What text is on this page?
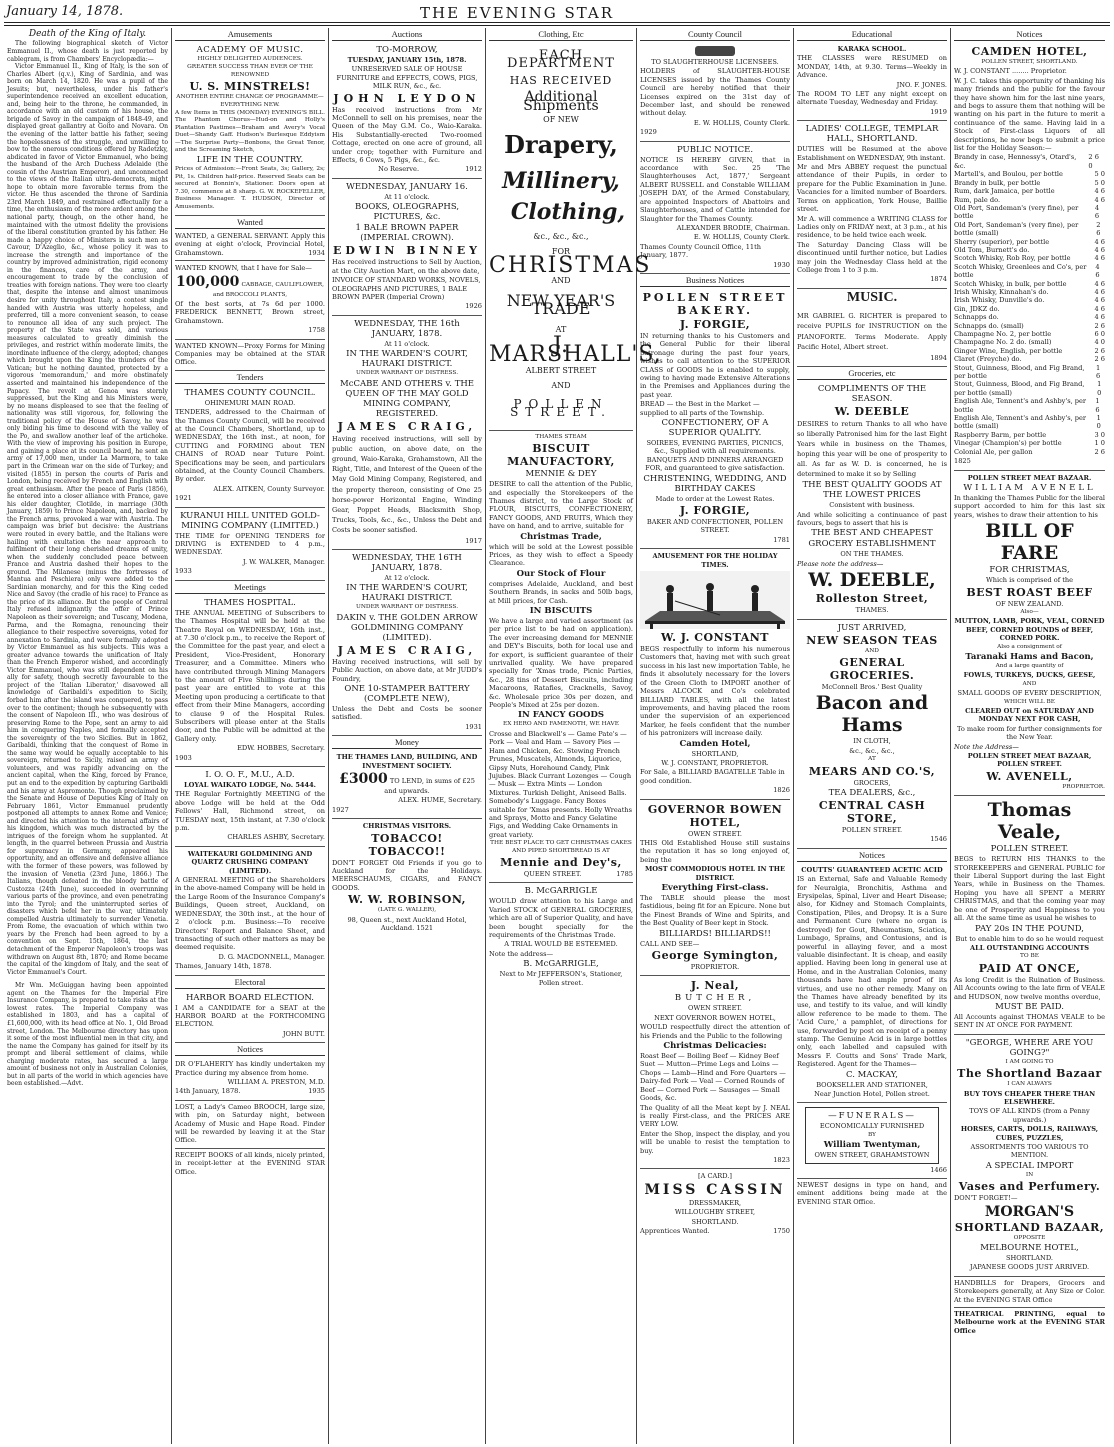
January 14, 1878.	THE EVENING STAR
Death of the King of Italy.

The following biographical sketch of Victor Emmanuel II., whose death is just reported by cablegram, is from Chambers' Encyclopædia:—

Victor Emmanuel II., King of Italy, is the son of Charles Albert (q.v.), King of Sardinia, and was born on March 14, 1820. He was a pupil of the Jesuits; but, nevertheless, under his father's superintendence received an excellent education, and, being heir to the throne, he commanded, in accordance with an old custom of his house, the brigade of Savoy in the campaign of 1848-49, and displayed great gallantry at Goito and Novara. On the evening of the latter battle his father, seeing the hopelessness of the struggle, and unwilling to bow to the onerous conditions offered by Radetzky, abdicated in favor of Victor Emmanuel, who being the husband of the Arch Duchess Adelaide (the cousin of the Austrian Emperor), and unconnected to the views of the Italian ultra-democrats, might hope to obtain more favorable terms from the victor. He thus ascended the throne of Sardinia 23rd March 1849, and restrained effectually for a time, the enthusiasm of the more ardent among the national party, though, on the other hand, he maintained with the utmost fidelity the provisions of the liberal constitution granted by his father. He made a happy choice of Ministers in such men as Cavour, D'Azeglio, &c., whose policy it was to increase the strength and importance of the country by improved administration, rigid economy in the finances, care of the army, and encouragement to trade by the conclusion of treaties with foreign nations. They were too clearly that, despite the intense and almost unanimous desire for unity throughout Italy, a contest single handed with Austria was utterly hopeless, and preferred, till a more convenient season, to cease to renounce all idea of any such project. The property of the State was sold, and various measures calculated to greatly diminish the privileges, and restrict within moderate limits, the inordinate influence of the clergy, adopted; changes which brought upon the King the thunders of the Vatican; but he nothing daunted, protected by a vigorous 'memorandum,' and more obstinately asserted and maintained his independence of the Papacy. The revolt at Genoa was sternly suppressed, but the King and his Ministers were, by no means displeased to see that the feeling of nationality was still vigorous, for, following the traditional policy of the House of Savoy, he was only biding his time to descend with the valley of the Po, and swallow another leaf of the artichoke. With the view of improving his position in Europe, and gaining a place at its council board, he sent an army of 17,000 men, under La Marmora, to take part in the Crimean war on the side of Turkey; and visited (1855) in person the courts of Paris and London, being received by French and English with great enthusiasm. After the peace of Paris (1856), he entered into a closer alliance with France, gave his elder daughter, Clotilde, in marriage (30th January, 1859) to Prince Napoleon, and, backed by the French arms, provoked a war with Austria. The campaign was brief but decisive: the Austrians were routed in every battle, and the Italians were hailing with exultation the near approach to fulfilment of their long cherished dreams of unity, when the suddenly concluded peace between France and Austria dashed their hopes to the ground. The Milanese (minus the fortresses of Mantua and Peschiera) only were added to the Sardinian monarchy, and for this the King ceded Nice and Savoy (the cradle of his race) to France as the price of its alliance. But the people of Central Italy refused indignantly the offer of Prince Napoleon as their sovereign; and Tuscany, Modena, Parma, and the Romagna, renouncing their allegiance to their respective sovereigns, voted for annexation to Sardinia, and were formally adopted by Victor Emmanuel as his subjects. This was a greater advance towards the unification of Italy than the French Emperor wished, and accordingly Victor Emmanuel, who was still dependent on his ally for safety, though secretly favourable to the project of the 'Italian Liberator,' disavowed all knowledge of Garibaldi's expedition to Sicily, forbad him after the island was conquered, to pass over to the continent; though he subsequently with the consent of Napoleon III., who was desirous of preserving Rome to the Pope, sent an army to aid him in conquering Naples, and formally accepted the sovereignty of the two Sicilies. But in 1862, Garibaldi, thinking that the conquest of Rome in the same way would be equally acceptable to his sovereign, returned to Sicily, raised an army of volunteers, and was rapidly advancing on the ancient capital, when the King, forced by France, put an end to the expedition by capturing Garibaldi and his army at Aspromonte. Though proclaimed by the Senate and House of Deputies King of Italy on February 1861, Victor Emmanuel prudently postponed all attempts to annex Rome and Venice; and directed his attention to the internal affairs of his kingdom, which was much distracted by the intrigues of the foreign whom he supplanted. At length, in the quarrel between Prussia and Austria for supremacy in Germany, appeared his opportunity, and an offensive and defensive alliance with the former of these powers, was followed by the invasion of Venetia (23rd June, 1866.) The Italians, though defeated in the bloody battle of Custozza (24th June), succeeded in overrunning various parts of the province, and even penetrating into the Tyrol; and the uninterrupted series of disasters which befel her in the war, ultimately compelled Austria ultimately to surrender Venetia. From Rome, the evacuation of which within two years by the French had been agreed to by a convention on Sept. 15th, 1864, the last detachment of the Emperor Napoleon's troops was withdrawn on August 8th, 1870; and Rome became the capital of the kingdom of Italy, and the seat of Victor Emmanuel's Court.

Mr Wm. McGuiggan having been appointed agent on the Thames for the Imperial Fire Insurance Company, is prepared to take risks at the lowest rates. The Imperial Company was established in 1803, and has a capital of £1,600,000, with its head office at No. 1, Old Broad street, London. The Melbourne directory has upon it some of the most influential men in that city, and the name the Company has gained for itself by its prompt and liberal settlement of claims, while charging moderate rates, has secured a large amount of business not only in Australian Colonies, but in all parts of the world in which agencies have been established.—Advt.

Amusements

ACADEMY OF MUSIC.

HIGHLY DELIGHTED AUDIENCES.

GREATER SUCCESS THAN EVER OF THE RENOWNED

U. S. MINSTRELS!

ANOTHER ENTIRE CHANGE OF PROGRAMME—EVERYTHING NEW.

A few Items in THIS (MONDAY) EVENING'S BILL. The Phantom Chorus—Hud-on and Holly's Plantation Pastimes—Braham and Avery's Vocal Duet—Shandy Gaff. Hudson's Burlesque Eddyism—The Surprise Party—Bonbons, the Great Tenor, and the Screaming Sketch,

LIFE IN THE COUNTRY.

Prices of Admission:—Front Seats, 3s; Gallery, 2s; Pit, 1s. Children half-price. Reserved Seats can be secured at Bonnin's, Stationer. Doors open at 7.30, commence at 8 sharp. G. W. ROCKEFELLER, Business Manager. T. HUDSON, Director of Amusements.

Wanted
WANTED, a GENERAL SERVANT. Apply this evening at eight o'clock, Provincial Hotel, Grahamstown.	1934

WANTED KNOWN, that I have for Sale—

100,000 CABBAGE, CAULIFLOWER, and BROCCOLI PLANTS,

Of the best sorts, at 7s 6d per 1000. FREDERICK BENNETT, Brown street, Grahamstown.

1758

WANTED KNOWN—Proxy Forms for Mining Companies may be obtained at the STAR Office.
Tenders

THAMES COUNTY COUNCIL.

OHINEMURI MAIN ROAD.

TENDERS, addressed to the Chairman of the Thames County Council, will be received at the Council Chambers, Shortland, up to WEDNESDAY, the 16th inst., at noon, for CUTTING and FORMING about TEN CHAINS of ROAD near Tuture Point. Specifications may be seen, and particulars obtained, at the County Council Chambers. By order.

ALEX. AITKEN, County Surveyor.

1921

KURANUI HILL UNITED GOLD-MINING COMPANY (LIMITED.)

THE TIME for OPENING TENDERS for DRIVING is EXTENDED to 4 p.m., WEDNESDAY.

J. W. WALKER, Manager.

1933

Meetings

THAMES HOSPITAL.

THE ANNUAL MEETING of Subscribers to the Thames Hospital will be held at the Theatre Royal on WEDNESDAY, 16th inst., at 7.30 o'clock p.m., to receive the Report of the Committee for the past year, and elect a President, Vice-President, Honorary Treasurer, and a Committee. Miners who have contributed through Mining Managers to the amount of Five Shillings during the past year are entitled to vote at this Meeting upon producing a certificate to that effect from their Mine Managers, according to clause 9 of the Hospital Rules. Subscribers will please enter at the Stalls door, and the Public will be admitted at the Gallery only.

EDW. HOBBES, Secretary.

1903

I. O. O. F., M.U., A.D.

LOYAL WAIKATO LODGE, No. 5444.

THE Regular Fortnightly MEETING of the above Lodge will be held at the Odd Fellows' Hall, Richmond street, on TUESDAY next, 15th instant, at 7.30 o'clock p.m.

CHARLES ASHBY, Secretary.

WAITEKAURI GOLDMINING AND QUARTZ CRUSHING COMPANY (LIMITED).

A GENERAL MEETING of the Shareholders in the above-named Company will be held in the Large Room of the Insurance Company's Buildings, Queen street, Auckland, on WEDNESDAY, the 30th inst., at the hour of 2 o'clock p.m. Business:—To receive Directors' Report and Balance Sheet, and transacting of such other matters as may be deemed requisite.

D. G. MACDONNELL, Manager.

Thames, January 14th, 1878.

Electoral

HARBOR BOARD ELECTION.

I AM a CANDIDATE for a SEAT at the HARBOR BOARD at the FORTHCOMING ELECTION.

JOHN BUTT.

Notices

DR O'FLAHERTY has kindly undertaken my Practice during my absence from home.

WILLIAM A. PRESTON, M.D.

14th January, 1878.	1935

LOST, a Lady's Cameo BROOCH, large size, with pin, on Saturday night, between Academy of Music and Hape Road. Finder will be rewarded by leaving it at the Star Office.
RECEIPT BOOKS of all kinds, nicely printed, in receipt-letter at the EVENING STAR Office.
Auctions

TO-MORROW,

TUESDAY, JANUARY 15th, 1878.

UNRESERVED SALE OF HOUSE FURNITURE and EFFECTS, COWS, PIGS, MILK RUN, &c., &c.

JOHN LEYDON

Has received instructions from Mr McConnell to sell on his premises, near the Queen of the May G.M. Co., Waio-Karaka. His Substantially-erected Two-roomed Cottage, erected on one acre of ground, all under crop; together with Furniture and Effects, 6 Cows, 5 Pigs, &c., &c.

No Reserve.	1912

WEDNESDAY, JANUARY 16.

At 11 o'clock.

BOOKS, OLEOGRAPHS, PICTURES, &c.

1 BALE BROWN PAPER (IMPERIAL CROWN).

EDWIN BINNEY

Has received instructions to Sell by Auction, at the City Auction Mart, on the above date,

INVOICE OF STANDARD WORKS, NOVELS, OLEOGRAPHS AND PICTURES, 1 BALE BROWN PAPER (Imperial Crown)

1926

WEDNESDAY, THE 16th JANUARY, 1878.

At 11 o'clock.

IN THE WARDEN'S COURT, HAURAKI DISTRICT.

UNDER WARRANT OF DISTRESS.

McCABE AND OTHERS v. THE QUEEN OF THE MAY GOLD MINING COMPANY, REGISTERED.

JAMES CRAIG,

Having received instructions, will sell by public auction, on above date, on the ground, Waio-Karaka, Grahamstown, All the Right, Title, and Interest of the Queen of the May Gold Mining Company, Registered, and the property thereon, consisting of One 25 horse-power Horizontal Engine, Winding Gear, Poppet Heads, Blacksmith Shop, Trucks, Tools, &c., &c., Unless the Debt and Costs be sooner satisfied.

1917

WEDNESDAY, THE 16TH JANUARY, 1878.

At 12 o'clock.

IN THE WARDEN'S COURT, HAURAKI DISTRICT.

UNDER WARRANT OF DISTRESS.

DAKIN v. THE GOLDEN ARROW GOLDMINING COMPANY (LIMITED).

JAMES CRAIG,

Having received instructions, will sell by Public Auction, on above date, at Mr JUDD's Foundry,

ONE 10-STAMPER BATTERY (COMPLETE NEW),

Unless the Debt and Costs be sooner satisfied.

1931

Money

THE THAMES LAND, BUILDING, AND INVESTMENT SOCIETY.

£3000 TO LEND, in sums of £25 and upwards.

ALEX. HUME, Secretary.

1927

CHRISTMAS VISITORS.

TOBACCO! TOBACCO!!

DON'T FORGET Old Friends if you go to Auckland for the Holidays. MEERSCHAUMS, CIGARS, and FANCY GOODS.

W. W. ROBINSON,

(LATE G. WALLER),

98, Queen st., next Auckland Hotel, Auckland. 1521

Clothing, Etc

EACH DEPARTMENT

HAS RECEIVED

Additional Shipments

OF NEW

Drapery,

Millinery,

Clothing,

&c., &c., &c.,

FOR

CHRISTMAS

AND

NEW YEAR'S TRADE

AT

J. MARSHALL'S,

ALBERT STREET

AND

POLLEN STREET.

THAMES STEAM

BISCUIT MANUFACTORY,

MENNIE & DEY

DESIRE to call the attention of the Public, and especially the Storekeepers of the Thames district, to the Large Stock of FLOUR, BISCUITS, CONFECTIONERY, FANCY GOODS, AND FRUITS, Which they have on hand, and to arrive, suitable for

Christmas Trade,

which will be sold at the Lowest possible Prices, as they wish to effect a Speedy Clearance.

Our Stock of Flour

comprises Adelaide, Auckland, and best Southern Brands, in sacks and 50lb bags, at Mill prices, for Cash.

IN BISCUITS

We have a large and varied assortment (as per price list to be had on application). The ever increasing demand for MENNIE and DEY's Biscuits, both for local use and for export, is sufficient guarantee of their unrivalled quality. We have prepared specially for 'Xmas trade, Picnic Parties, &c., 28 tins of Dessert Biscuits, including Macaroons, Ratafies, Cracknells, Savoy, &c. Wholesale price 30s per dozen, and People's Mixed at 25s per dozen.

IN FANCY GOODS

EX HERO AND FAMENOTH, WE HAVE

Crosse and Blackwell's — Game Pate's — Pork — Veal and Ham — Savory Pies — Ham and Chicken, &c. Stewing French Prunes, Muscatels, Almonds, Liquorice, Gipsy Nuts, Horehound Candy, Pink Jujubes. Black Currant Lozenges — Cough — Musk — Extra Mints — London Mixtures. Turkish Delight, Aniseed Balls. Somebody's Luggage. Fancy Boxes suitable for 'Xmas presents. Holly Wreaths and Sprays, Motto and Fancy Gelatine Figs, and Wedding Cake Ornaments in great variety.

THE BEST PLACE TO GET CHRISTMAS CAKES AND PIPED SHORTBREAD IS AT

Mennie and Dey's,

QUEEN STREET.	1785

B. McGARRIGLE

WOULD draw attention to his Large and Varied STOCK of GENERAL GROCERIES, which are all of Superior Quality, and have been bought specially for the requirements of the Christmas Trade.

A TRIAL WOULD BE ESTEEMED.

Note the address—

B. McGARRIGLE,

Next to Mr JEFFERSON's, Stationer, Pollen street.

County Council

TO SLAUGHTERHOUSE LICENSEES.

HOLDERS of SLAUGHTER-HOUSE LICENSES issued by the Thames County Council are hereby notified that their Licenses expired on the 31st day of December last, and should be renewed without delay.

E. W. HOLLIS, County Clerk.

1929

PUBLIC NOTICE.

NOTICE IS HEREBY GIVEN, that in accordance with Sec. 25 'The Slaughterhouses Act, 1877,' Sergeant ALBERT RUSSELL and Constable WILLIAM JOSEPH DAY, of the Armed Constabulary, are appointed Inspectors of Abattoirs and Slaughterhouses, and of Cattle intended for Slaughter for the Thames County.

ALEXANDER BRODIE, Chairman.

E. W. HOLLIS, County Clerk.

Thames County Council Office, 11th January, 1877.

1930

Business Notices

POLLEN STREET BAKERY.

J. FORGIE,

IN returning thanks to his Customers and the General Public for their liberal patronage during the past four years, wishes to call attention to the SUPERIOR CLASS of GOODS he is enabled to supply, owing to having made Extensive Alterations in the Premises and Appliances during the past year.

BREAD — the Best in the Market — supplied to all parts of the Township.

CONFECTIONERY, OF A SUPERIOR QUALITY.

SOIREES, EVENING PARTIES, PICNICS, &c., Supplied with all requirements. BANQUETS AND DINNERS ARRANGED FOR, and guaranteed to give satisfaction.

CHRISTENING, WEDDING, AND BIRTHDAY CAKES

Made to order at the Lowest Rates.

J. FORGIE,

BAKER AND CONFECTIONER, POLLEN STREET.

1781

AMUSEMENT FOR THE HOLIDAY TIMES.

W. J. CONSTANT

BEGS respectfully to inform his numerous Customers that, having met with such great success in his last new importation Table, he finds it absolutely necessary for the lovers of the Green Cloth to IMPORT another of Messrs ALCOCK and Co's celebrated BILLIARD TABLES, with all the latest improvements, and having placed the room under the supervision of an experienced Marker, he feels confident that the number of his patronizers will increase daily.

Camden Hotel,

SHORTLAND,

W. J. CONSTANT, PROPRIETOR.

For Sale, a BILLIARD BAGATELLE Table in good condition.

1826

GOVERNOR BOWEN HOTEL,

OWEN STREET.

THIS Old Established House still sustains the reputation it has so long enjoyed of, being the

MOST COMMODIOUS HOTEL IN THE DISTRICT.

Everything First-class.

The TABLE should please the most fastidious, being fit for an Epicure. None but the Finest Brands of Wine and Spirits, and the Best Quality of Beer kept in Stock.

BILLIARDS! BILLIARDS!!

CALL AND SEE—

George Symington,

PROPRIETOR.

J. Neal,

BUTCHER,

OWEN STREET.

NEXT GOVERNOR BOWEN HOTEL,

WOULD respectfully direct the attention of his Friends and the Public to the following

Christmas Delicacies:

Roast Beef — Boiling Beef — Kidney Beef Suet — Mutton—Prime Legs and Loins — Chops — Lamb—Hind and Fore Quarters — Dairy-fed Pork — Veal — Corned Rounds of Beef — Corned Pork — Sausages — Small Goods, &c.

The Quality of all the Meat kept by J. NEAL is really First-class, and the PRICES ARE VERY LOW.

Enter the Shop, inspect the display, and you will be unable to resist the temptation to buy.

1823

[A CARD.]

MISS CASSIN

DRESSMAKER,

WILLOUGHBY STREET,

SHORTLAND.

Apprentices Wanted.	1750

Educational

KARAKA SCHOOL.

THE CLASSES were RESUMED on MONDAY, 14th, at 9.30. Terms—Weekly in Advance.

JNO. F. JONES.

The ROOM TO LET any night except on alternate Tuesday, Wednesday and Friday.

1919

LADIES' COLLEGE, TEMPLAR HALL, SHORTLAND.

DUTIES will be Resumed at the above Establishment on WEDNESDAY, 9th instant.

Mr and Mrs ABBEY request the punctual attendance of their Pupils, in order to prepare for the Public Examination in June. Vacancies for a limited number of Boarders. Terms on application, York House, Baillie street.

Mr A. will commence a WRITING CLASS for Ladies only on FRIDAY next, at 3 p.m., at his residence, to be held twice each week.

The Saturday Dancing Class will be discontinued until further notice, but Ladies may join the Wednesday Class held at the College from 1 to 3 p.m.

1874

MUSIC.

MR GABRIEL G. RICHTER is prepared to receive PUPILS for INSTRUCTION on the PIANOFORTE. Terms Moderate. Apply Pacific Hotel, Albert street.

1894

Groceries, etc

COMPLIMENTS OF THE SEASON.

W. DEEBLE

DESIRES to return Thanks to all who have so liberally Patronised him for the last Eight Years while in business on the Thames, hoping this year will be one of prosperity to all. As far as W. D. is concerned, he is determined to make it so by Selling

THE BEST QUALITY GOODS AT THE LOWEST PRICES

Consistent with business.

And while soliciting a continuance of past favours, begs to assert that his is

THE BEST AND CHEAPEST

GROCERY ESTABLISHMENT

ON THE THAMES.

Please note the address—

W. DEEBLE,

Rolleston Street,

THAMES.

JUST ARRIVED,

NEW SEASON TEAS

AND

GENERAL GROCERIES.

McConnell Bros.' Best Quality

Bacon and Hams

IN CLOTH,

&c., &c., &c.,

AT

MEARS AND CO.'S,

GROCERS,

TEA DEALERS, &c.,

CENTRAL CASH STORE,

POLLEN STREET.

1546

Notices

COUTTS' GUARANTEED ACETIC ACID

IS an External, Safe and Valuable Remedy for Neuralgia, Bronchitis, Asthma and Erysipelas, Spinal, Liver and Heart Disease; also, for Kidney and Stomach Complaints, Constipation, Piles, and Dropsy. It is a Sure and Permanent Cure (where no organ is destroyed) for Gout, Rheumatism, Sciatica, Lumbago, Sprains, and Contusions, and is powerful in allaying fever, and a most valuable disinfectant. It is cheap, and easily applied. Having been long in general use at Home, and in the Australian Colonies, many thousands have had ample proof of its virtues, and use no other remedy. Many on the Thames have already benefited by its use, and testify to its value, and will kindly allow reference to be made to them. The 'Acid Cure,' a pamphlet, of directions for use, forwarded by post on receipt of a penny stamp. The Genuine Acid is in large bottles only, each labelled and capsuled with Messrs F. Coutts and Sons' Trade Mark, Registered. Agent for the Thames—

C. MACKAY,

BOOKSELLER AND STATIONER,

Near Junction Hotel, Pollen street.

—FUNERALS—

ECONOMICALLY FURNISHED

BY

William Twentyman,

OWEN STREET, GRAHAMSTOWN

1466

NEWEST designs in type on hand, and eminent additions being made at the EVENING STAR Office.
Notices

CAMDEN HOTEL,

POLLEN STREET, SHORTLAND.

W. J. CONSTANT ........ Proprietor.

W. J. C. takes this opportunity of thanking his many friends and the public for the favour they have shown him for the last nine years, and begs to assure them that nothing will be wanting on his part in the future to merit a continuance of the same. Having laid in a Stock of First-class Liquors of all descriptions, he now begs to submit a price list for the Holiday Season:—

Brandy in case, Hennessy's, Otard's, &c.
2 6 0
Martell's, and Boulou, per bottle	5 0
Brandy in bulk, per bottle	5 0
Rum, dark Jamaica, per bottle	4 6
Rum, pale do.	4 6
Old Port, Sandeman's (very fine), per bottle
4 6
Old Port, Sandeman's (very fine), per bottle (small)
2 6
Sherry (superior), per bottle	4 6
Old Tom, Burnett's do.	4 6
Scotch Whisky, Rob Roy, per bottle	4 6
Scotch Whisky, Greenlees and Co's, per bottle
4 6
Scotch Whisky, in bulk, per bottle	4 6
Irish Whisky, Kinnahan's do.	4 6
Irish Whisky, Dunville's do.	4 6
Gin, JDKZ do.	4 6
Schnapps do.	4 6
Schnapps do. (small)	2 6
Champagne No. 2, per bottle	6 0
Champagne No. 2 do. (small)	4 0
Ginger Wine, English, per bottle	2 6
Claret (Freyche) do.	2 6
Stout, Guinness, Blood, and Fig Brand, per bottle
1 6
Stout, Guinness, Blood, and Fig Brand, per bottle (small)
1 0
English Ale, Tennent's and Ashby's, per bottle
1 6
English Ale, Tennent's and Ashby's, per bottle (small)
1 0
Raspberry Barm, per bottle	3 0
Vinegar (Champion's) per bottle	1 0
Colonial Ale, per gallon	2 6

1825

POLLEN STREET MEAT BAZAAR.

WILLIAM AVENELL

In thanking the Thames Public for the liberal support accorded to him for this last six years, wishes to draw their attention to his

BILL OF FARE

FOR CHRISTMAS,

Which is comprised of the

BEST ROAST BEEF

OF NEW ZEALAND.

Also—

MUTTON, LAMB, PORK, VEAL, CORNED BEEF, CORNED ROUNDS of BEEF, CORNED PORK.

Also a consignment of

Taranaki Hams and Bacon,

And a large quantity of

FOWLS, TURKEYS, DUCKS, GEESE,

AND

SMALL GOODS OF EVERY DESCRIPTION,

WHICH WILL BE

CLEARED OUT on SATURDAY AND MONDAY NEXT FOR CASH,

To make room for further consignments for the New Year.

Note the Address—

POLLEN STREET MEAT BAZAAR, POLLEN STREET.

W. AVENELL,

PROPRIETOR.

Thomas Veale,

POLLEN STREET.

BEGS to RETURN HIS THANKS to the STOREKEEPERS and GENERAL PUBLIC for their Liberal Support during the last Eight Years, while in Business on the Thames. Hoping you have all SPENT a MERRY CHRISTMAS, and that the coming year may be one of Prosperity and Happiness to you all. At the same time as usual he wishes to

PAY 20s IN THE POUND,

But to enable him to do so he would request

ALL OUTSTANDING ACCOUNTS

TO BE

PAID AT ONCE,

As long Credit is the Ruination of Business. All Accounts owing to the late firm of VEALE and HUDSON, now twelve months overdue,

MUST BE PAID.

All Accounts against THOMAS VEALE to be SENT IN AT ONCE FOR PAYMENT.

"GEORGE, WHERE ARE YOU GOING?"

I AM GOING TO

The Shortland Bazaar

I CAN ALWAYS

BUY TOYS CHEAPER THERE THAN ELSEWHERE.

TOYS OF ALL KINDS (from a Penny upwards.)

HORSES, CARTS, DOLLS, RAILWAYS, CUBES, PUZZLES,

ASSORTMENTS TOO VARIOUS TO MENTION.

A SPECIAL IMPORT

IN

Vases and Perfumery.

DON'T FORGET!—

MORGAN'S

SHORTLAND BAZAAR,

OPPOSITE

MELBOURNE HOTEL,

SHORTLAND.

JAPANESE GOODS JUST ARRIVED.

HANDBILLS for Drapers, Grocers and Storekeepers generally, at Any Size or Color. At the EVENING STAR Office
THEATRICAL PRINTING, equal to Melbourne work at the EVENING STAR Office
